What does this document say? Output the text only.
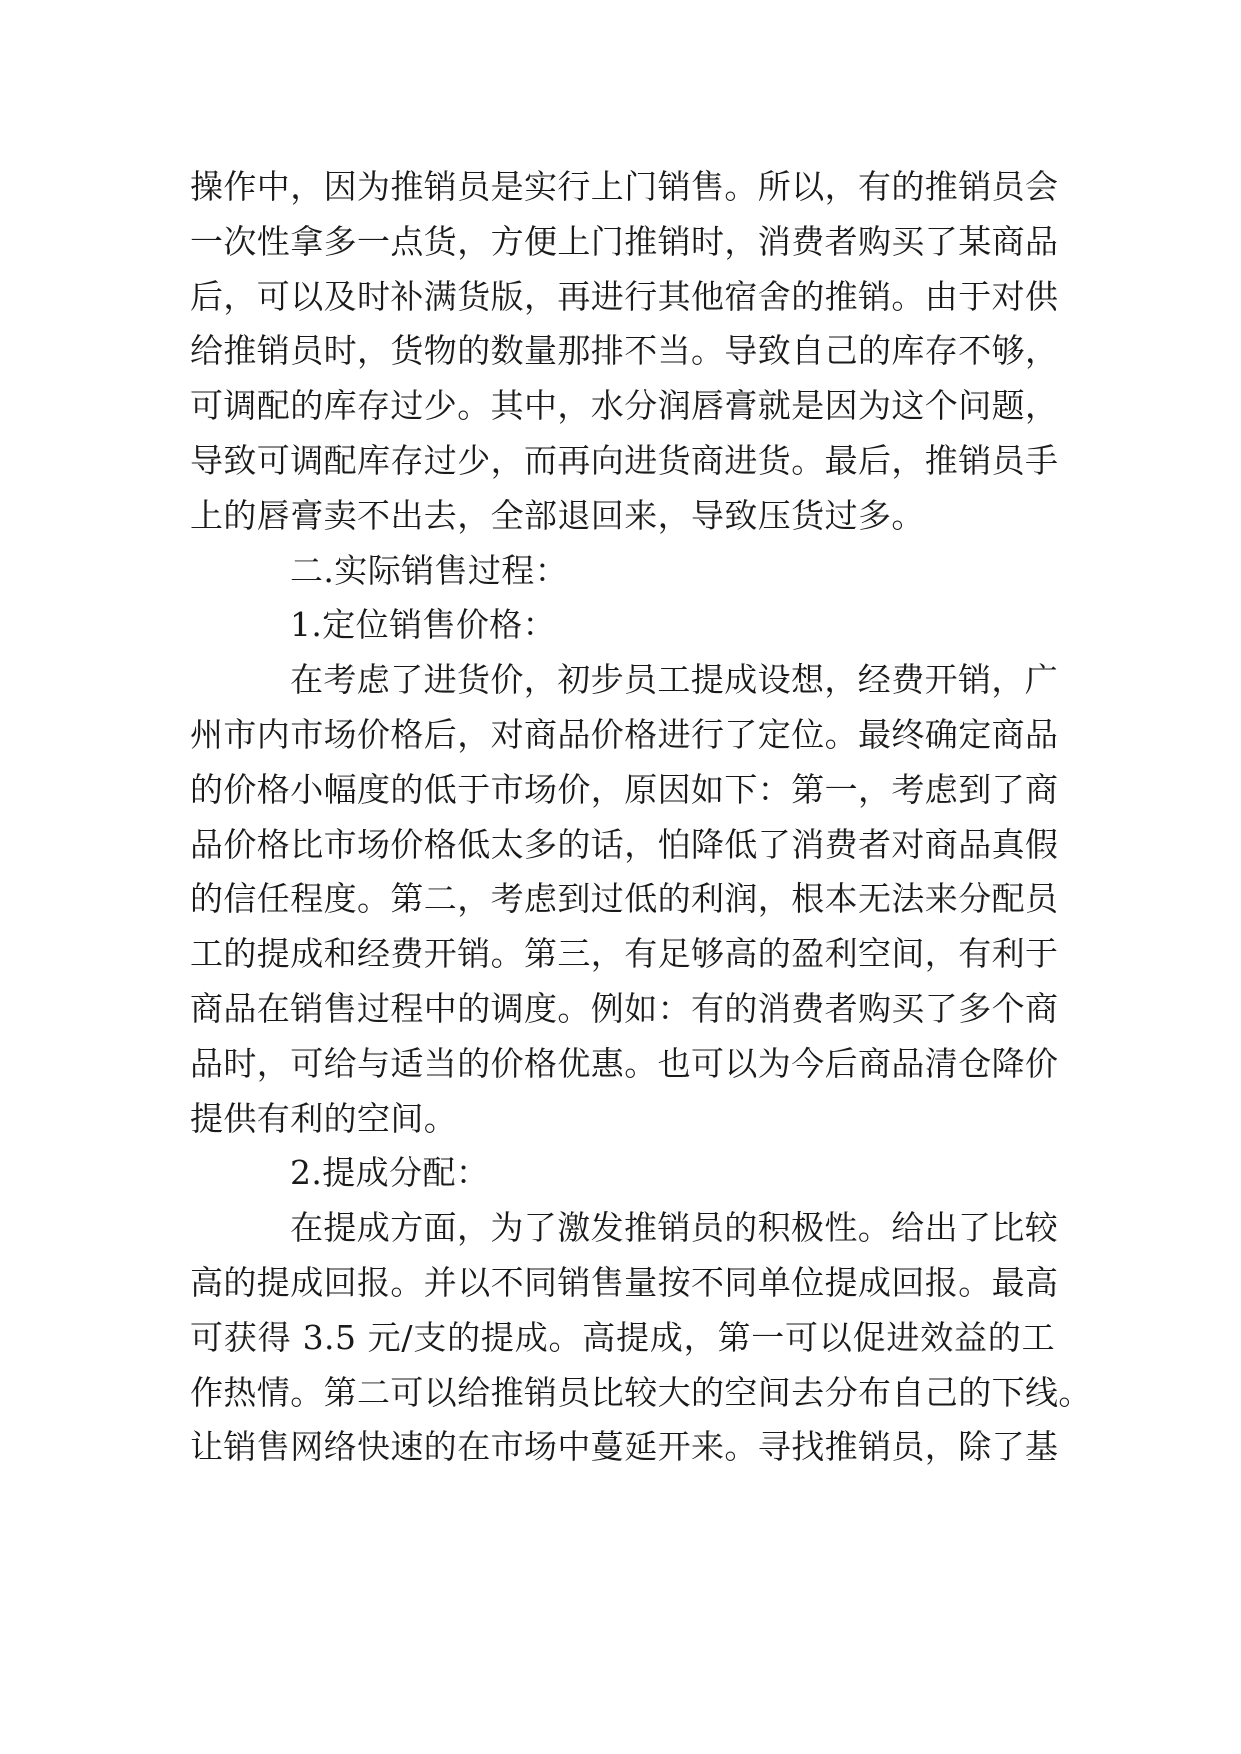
操作中，因为推销员是实行上门销售。所以，有的推销员会
一次性拿多一点货，方便上门推销时，消费者购买了某商品
后，可以及时补满货版，再进行其他宿舍的推销。由于对供
给推销员时，货物的数量那排不当。导致自己的库存不够，
可调配的库存过少。其中，水分润唇膏就是因为这个问题，
导致可调配库存过少，而再向进货商进货。最后，推销员手
上的唇膏卖不出去，全部退回来，导致压货过多。
二.实际销售过程：
1.定位销售价格：
在考虑了进货价，初步员工提成设想，经费开销，广
州市内市场价格后，对商品价格进行了定位。最终确定商品
的价格小幅度的低于市场价，原因如下：第一，考虑到了商
品价格比市场价格低太多的话，怕降低了消费者对商品真假
的信任程度。第二，考虑到过低的利润，根本无法来分配员
工的提成和经费开销。第三，有足够高的盈利空间，有利于
商品在销售过程中的调度。例如：有的消费者购买了多个商
品时，可给与适当的价格优惠。也可以为今后商品清仓降价
提供有利的空间。
2.提成分配：
在提成方面，为了激发推销员的积极性。给出了比较
高的提成回报。并以不同销售量按不同单位提成回报。最高
可获得 3.5 元/支的提成。高提成，第一可以促进效益的工
作热情。第二可以给推销员比较大的空间去分布自己的下线。
让销售网络快速的在市场中蔓延开来。寻找推销员，除了基
